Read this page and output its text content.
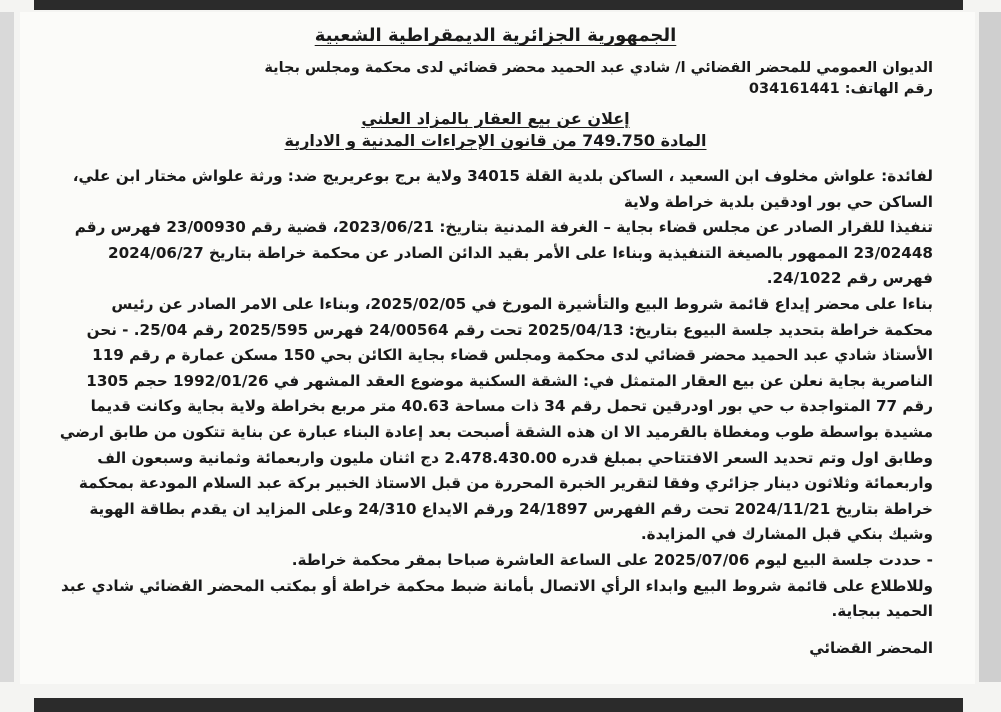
الجمهورية الجزائرية الديمقراطية الشعبية
الديوان العمومي للمحضر القضائي ا/ شادي عبد الحميد محضر قضائي لدى محكمة ومجلس بجاية
رقم الهاتف: 034161441
إعلان عن بيع العقار بالمزاد العلني
المادة 749.750 من قانون الإجراءات المدنية و الادارية

لفائدة: علواش مخلوف ابن السعيد ، الساكن بلدية القلة 34015 ولاية برج بوعريريج ضد: ورثة علواش مختار ابن علي، الساكن حي بور اودقين بلدية خراطة ولاية

تنفيذا للقرار الصادر عن مجلس قضاء بجاية – الغرفة المدنية بتاريخ: 2023/06/21، قضية رقم 23/00930 فهرس رقم 23/02448 الممهور بالصيغة التنفيذية وبناءا على الأمر بقيد الدائن الصادر عن محكمة خراطة بتاريخ 2024/06/27 فهرس رقم 24/1022.

بناءا على محضر إيداع قائمة شروط البيع والتأشيرة المورخ في 2025/02/05، وبناءا على الامر الصادر عن رئيس محكمة خراطة بتحديد جلسة البيوع بتاريخ: 2025/04/13 تحت رقم 24/00564 فهرس 2025/595 رقم 25/04. - نحن الأستاذ شادي عبد الحميد محضر قضائي لدى محكمة ومجلس قضاء بجاية الكائن بحي 150 مسكن عمارة م رقم 119 الناصرية بجاية نعلن عن بيع العقار المتمثل في: الشقة السكنية موضوع العقد المشهر في 1992/01/26 حجم 1305 رقم 77 المتواجدة ب حي بور اودرقين تحمل رقم 34 ذات مساحة 40.63 متر مربع بخراطة ولاية بجاية وكانت قديما مشيدة بواسطة طوب ومغطاة بالقرميد الا ان هذه الشقة أصبحت بعد إعادة البناء عبارة عن بناية تتكون من طابق ارضي وطابق اول وتم تحديد السعر الافتتاحي بمبلغ قدره 2.478.430.00 دج اثنان مليون واربعمائة وثمانية وسبعون الف واربعمائة وثلاثون دينار جزائري وفقا لتقرير الخبرة المحررة من قبل الاستاذ الخبير بركة عبد السلام المودعة بمحكمة خراطة بتاريخ 2024/11/21 تحت رقم الفهرس 24/1897 ورقم الايداع 24/310 وعلى المزايد ان يقدم بطاقة الهوية وشيك بنكي قبل المشارك في المزايدة.

- حددت جلسة البيع ليوم 2025/07/06 على الساعة العاشرة صباحا بمقر محكمة خراطة.

وللاطلاع على قائمة شروط البيع وابداء الرأي الاتصال بأمانة ضبط محكمة خراطة أو بمكتب المحضر القضائي شادي عبد الحميد ببجاية.

المحضر القضائي
